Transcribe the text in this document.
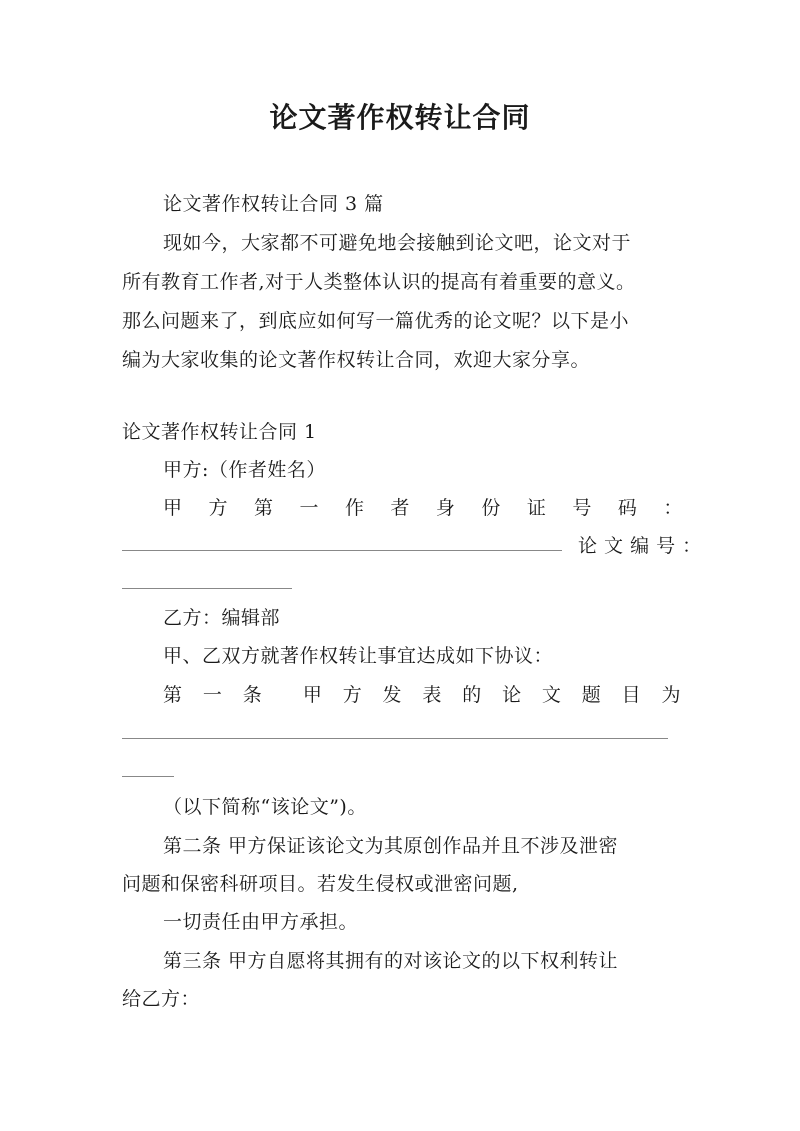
论文著作权转让合同
论文著作权转让合同 3 篇
现如今，大家都不可避免地会接触到论文吧，论文对于
所有教育工作者,对于人类整体认识的提高有着重要的意义。
那么问题来了，到底应如何写一篇优秀的论文呢？以下是小
编为大家收集的论文著作权转让合同，欢迎大家分享。
论文著作权转让合同 1
甲方:（作者姓名）
甲 方 第 一 作 者 身 份 证 号 码 ：
论 文 编 号 ：
乙方：编辑部
甲、乙双方就著作权转让事宜达成如下协议：
第 一 条 甲 方 发 表 的 论 文 题 目 为
（以下简称“该论文”)。
第二条 甲方保证该论文为其原创作品并且不涉及泄密
问题和保密科研项目。若发生侵权或泄密问题,
一切责任由甲方承担。
第三条 甲方自愿将其拥有的对该论文的以下权利转让
给乙方：
